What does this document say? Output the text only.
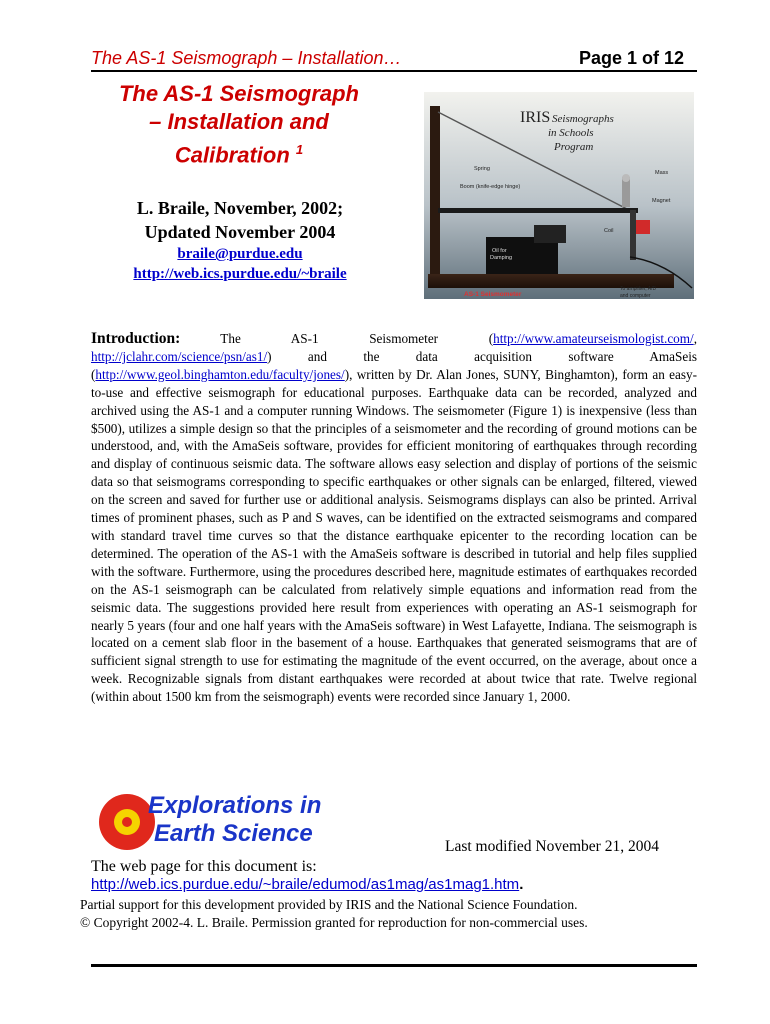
The AS-1 Seismograph – Installation…	Page 1 of 12
The AS-1 Seismograph
– Installation and
Calibration $^1$
L. Braile, November, 2002;
Updated November 2004
braile@purdue.edu
http://web.ics.purdue.edu/~braile
IRIS Seismographs
in Schools
Program
Spring
Mass
Boom (knife-edge hinge)
Magnet
Coil
Oil for
Damping
AS-1 Seismometer
To amplifier, A/D
and computer
Introduction:	The AS-1 Seismometer (http://www.amateurseismologist.com/, http://jclahr.com/science/psn/as1/) and the data acquisition software AmaSeis (http://www.geol.binghamton.edu/faculty/jones/), written by Dr. Alan Jones, SUNY, Binghamton), form an easy-to-use and effective seismograph for educational purposes. Earthquake data can be recorded, analyzed and archived using the AS-1 and a computer running Windows. The seismometer (Figure 1) is inexpensive (less than $500), utilizes a simple design so that the principles of a seismometer and the recording of ground motions can be understood, and, with the AmaSeis software, provides for efficient monitoring of earthquakes through recording and display of continuous seismic data. The software allows easy selection and display of portions of the seismic data so that seismograms corresponding to specific earthquakes or other signals can be enlarged, filtered, viewed on the screen and saved for further use or additional analysis. Seismograms displays can also be printed. Arrival times of prominent phases, such as P and S waves, can be identified on the extracted seismograms and compared with standard travel time curves so that the distance earthquake epicenter to the recording location can be determined. The operation of the AS-1 with the AmaSeis software is described in tutorial and help files supplied with the software. Furthermore, using the procedures described here, magnitude estimates of earthquakes recorded on the AS-1 seismograph can be calculated from relatively simple equations and information read from the seismic data. The suggestions provided here result from experiences with operating an AS-1 seismograph for nearly 5 years (four and one half years with the AmaSeis software) in West Lafayette, Indiana. The seismograph is located on a cement slab floor in the basement of a house. Earthquakes that generated seismograms that are of sufficient signal strength to use for estimating the magnitude of the event occurred, on the average, about once a week. Recognizable signals from distant earthquakes were recorded at about twice that rate. Twelve regional (within about 1500 km from the seismograph) events were recorded since January 1, 2000.
Explorations in
Earth Science	Last modified November 21, 2004
The web page for this document is:
http://web.ics.purdue.edu/~braile/edumod/as1mag/as1mag1.htm.
Partial support for this development provided by IRIS and the National Science Foundation.
© Copyright 2002-4. L. Braile. Permission granted for reproduction for non-commercial uses.
